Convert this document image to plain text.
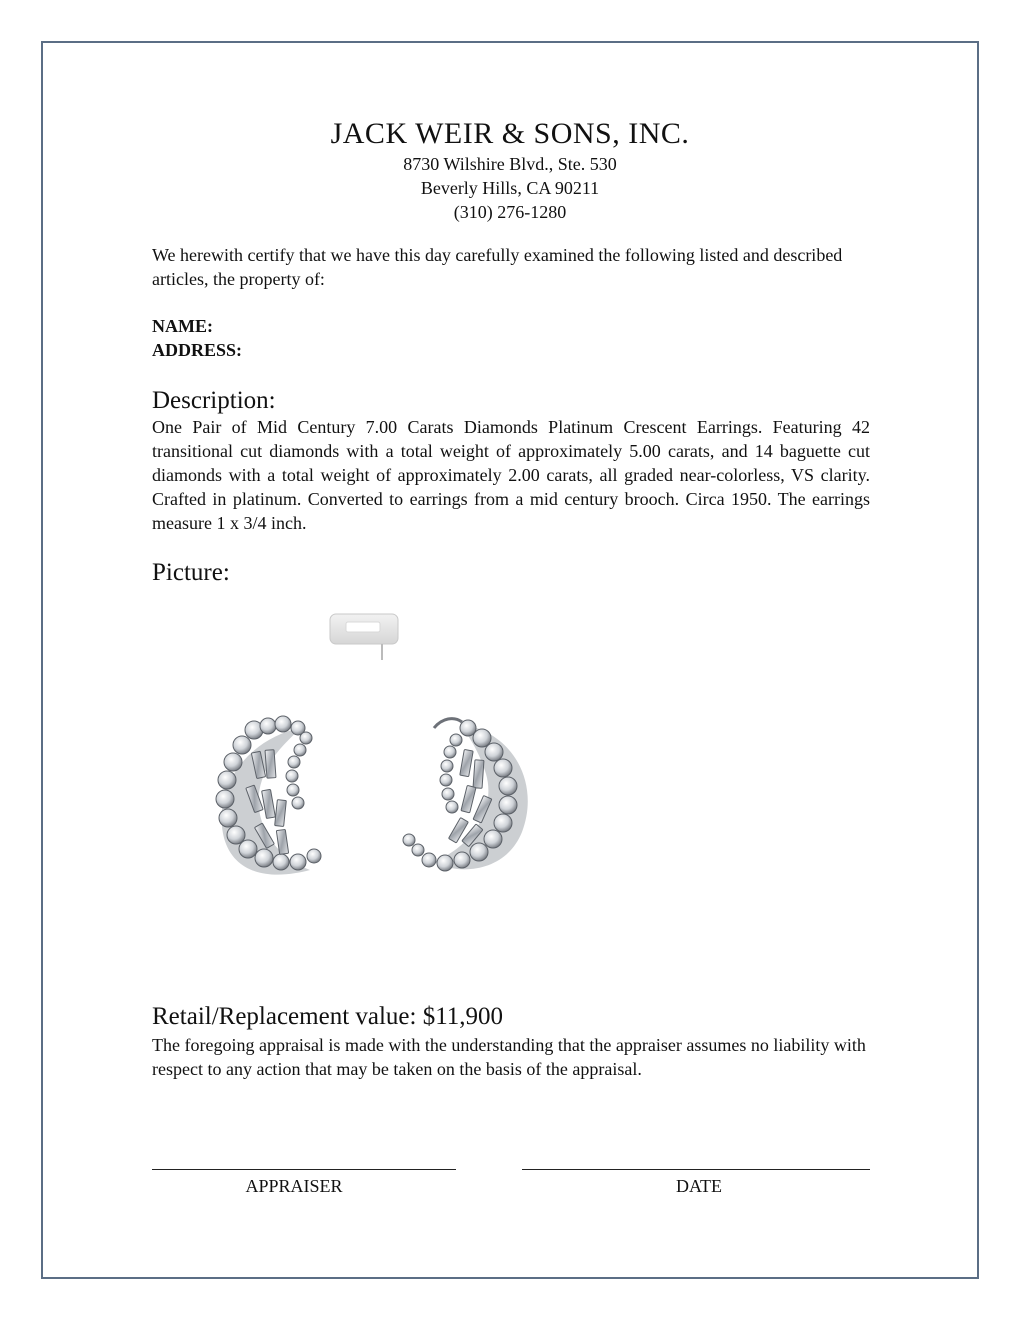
JACK WEIR & SONS, INC.
8730 Wilshire Blvd., Ste. 530
Beverly Hills, CA 90211
(310) 276-1280
We herewith certify that we have this day carefully examined the following listed and described articles, the property of:
NAME:
ADDRESS:
Description:
One Pair of Mid Century 7.00 Carats Diamonds Platinum Crescent Earrings. Featuring 42 transitional cut diamonds with a total weight of approximately 5.00 carats, and 14 baguette cut diamonds with a total weight of approximately 2.00 carats, all graded near-colorless, VS clarity. Crafted in platinum. Converted to earrings from a mid century brooch. Circa 1950. The earrings measure 1 x 3/4 inch.
Picture:
Retail/Replacement value: $11,900
The foregoing appraisal is made with the understanding that the appraiser assumes no liability with respect to any action that may be taken on the basis of the appraisal.
APPRAISER	DATE
